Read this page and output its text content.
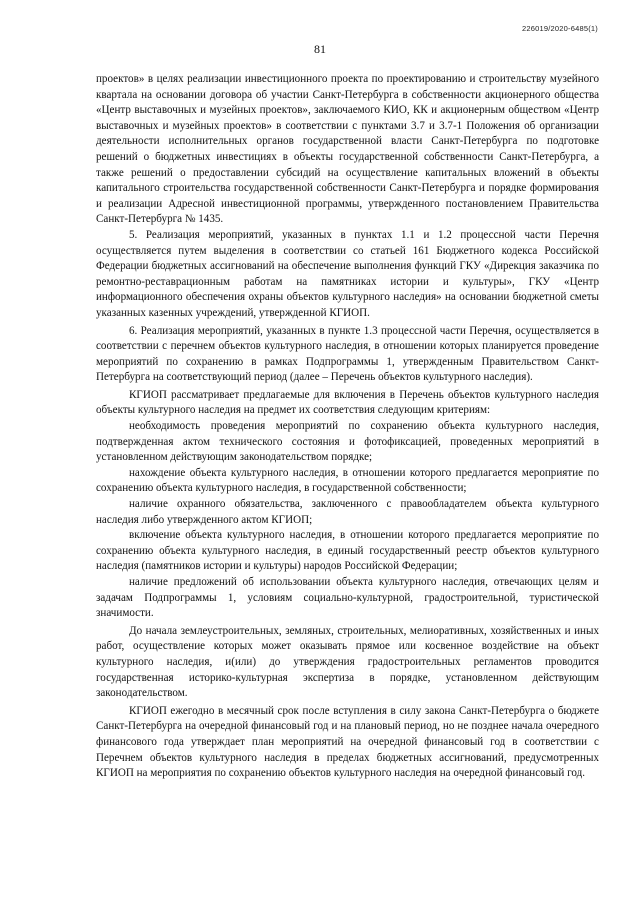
226019/2020-6485(1)
81

проектов» в целях реализации инвестиционного проекта по проектированию и строительству музейного квартала на основании договора об участии Санкт-Петербурга в собственности акционерного общества «Центр выставочных и музейных проектов», заключаемого КИО, КК и акционерным обществом «Центр выставочных и музейных проектов» в соответствии с пунктами 3.7 и 3.7-1 Положения об организации деятельности исполнительных органов государственной власти Санкт-Петербурга по подготовке решений о бюджетных инвестициях в объекты государственной собственности Санкт-Петербурга, а также решений о предоставлении субсидий на осуществление капитальных вложений в объекты капитального строительства государственной собственности Санкт-Петербурга и порядке формирования и реализации Адресной инвестиционной программы, утвержденного постановлением Правительства Санкт-Петербурга № 1435.

5. Реализация мероприятий, указанных в пунктах 1.1 и 1.2 процессной части Перечня осуществляется путем выделения в соответствии со статьей 161 Бюджетного кодекса Российской Федерации бюджетных ассигнований на обеспечение выполнения функций ГКУ «Дирекция заказчика по ремонтно-реставрационным работам на памятниках истории и культуры», ГКУ «Центр информационного обеспечения охраны объектов культурного наследия» на основании бюджетной сметы указанных казенных учреждений, утвержденной КГИОП.

6. Реализация мероприятий, указанных в пункте 1.3 процессной части Перечня, осуществляется в соответствии с перечнем объектов культурного наследия, в отношении которых планируется проведение мероприятий по сохранению в рамках Подпрограммы 1, утвержденным Правительством Санкт-Петербурга на соответствующий период (далее – Перечень объектов культурного наследия).

КГИОП рассматривает предлагаемые для включения в Перечень объектов культурного наследия объекты культурного наследия на предмет их соответствия следующим критериям:

необходимость проведения мероприятий по сохранению объекта культурного наследия, подтвержденная актом технического состояния и фотофиксацией, проведенных мероприятий в установленном действующим законодательством порядке;

нахождение объекта культурного наследия, в отношении которого предлагается мероприятие по сохранению объекта культурного наследия, в государственной собственности;

наличие охранного обязательства, заключенного с правообладателем объекта культурного наследия либо утвержденного актом КГИОП;

включение объекта культурного наследия, в отношении которого предлагается мероприятие по сохранению объекта культурного наследия, в единый государственный реестр объектов культурного наследия (памятников истории и культуры) народов Российской Федерации;

наличие предложений об использовании объекта культурного наследия, отвечающих целям и задачам Подпрограммы 1, условиям социально-культурной, градостроительной, туристической значимости.

До начала землеустроительных, земляных, строительных, мелиоративных, хозяйственных и иных работ, осуществление которых может оказывать прямое или косвенное воздействие на объект культурного наследия, и(или) до утверждения градостроительных регламентов проводится государственная историко-культурная экспертиза в порядке, установленном действующим законодательством.

КГИОП ежегодно в месячный срок после вступления в силу закона Санкт-Петербурга о бюджете Санкт-Петербурга на очередной финансовый год и на плановый период, но не позднее начала очередного финансового года утверждает план мероприятий на очередной финансовый год в соответствии с Перечнем объектов культурного наследия в пределах бюджетных ассигнований, предусмотренных КГИОП на мероприятия по сохранению объектов культурного наследия на очередной финансовый год.
